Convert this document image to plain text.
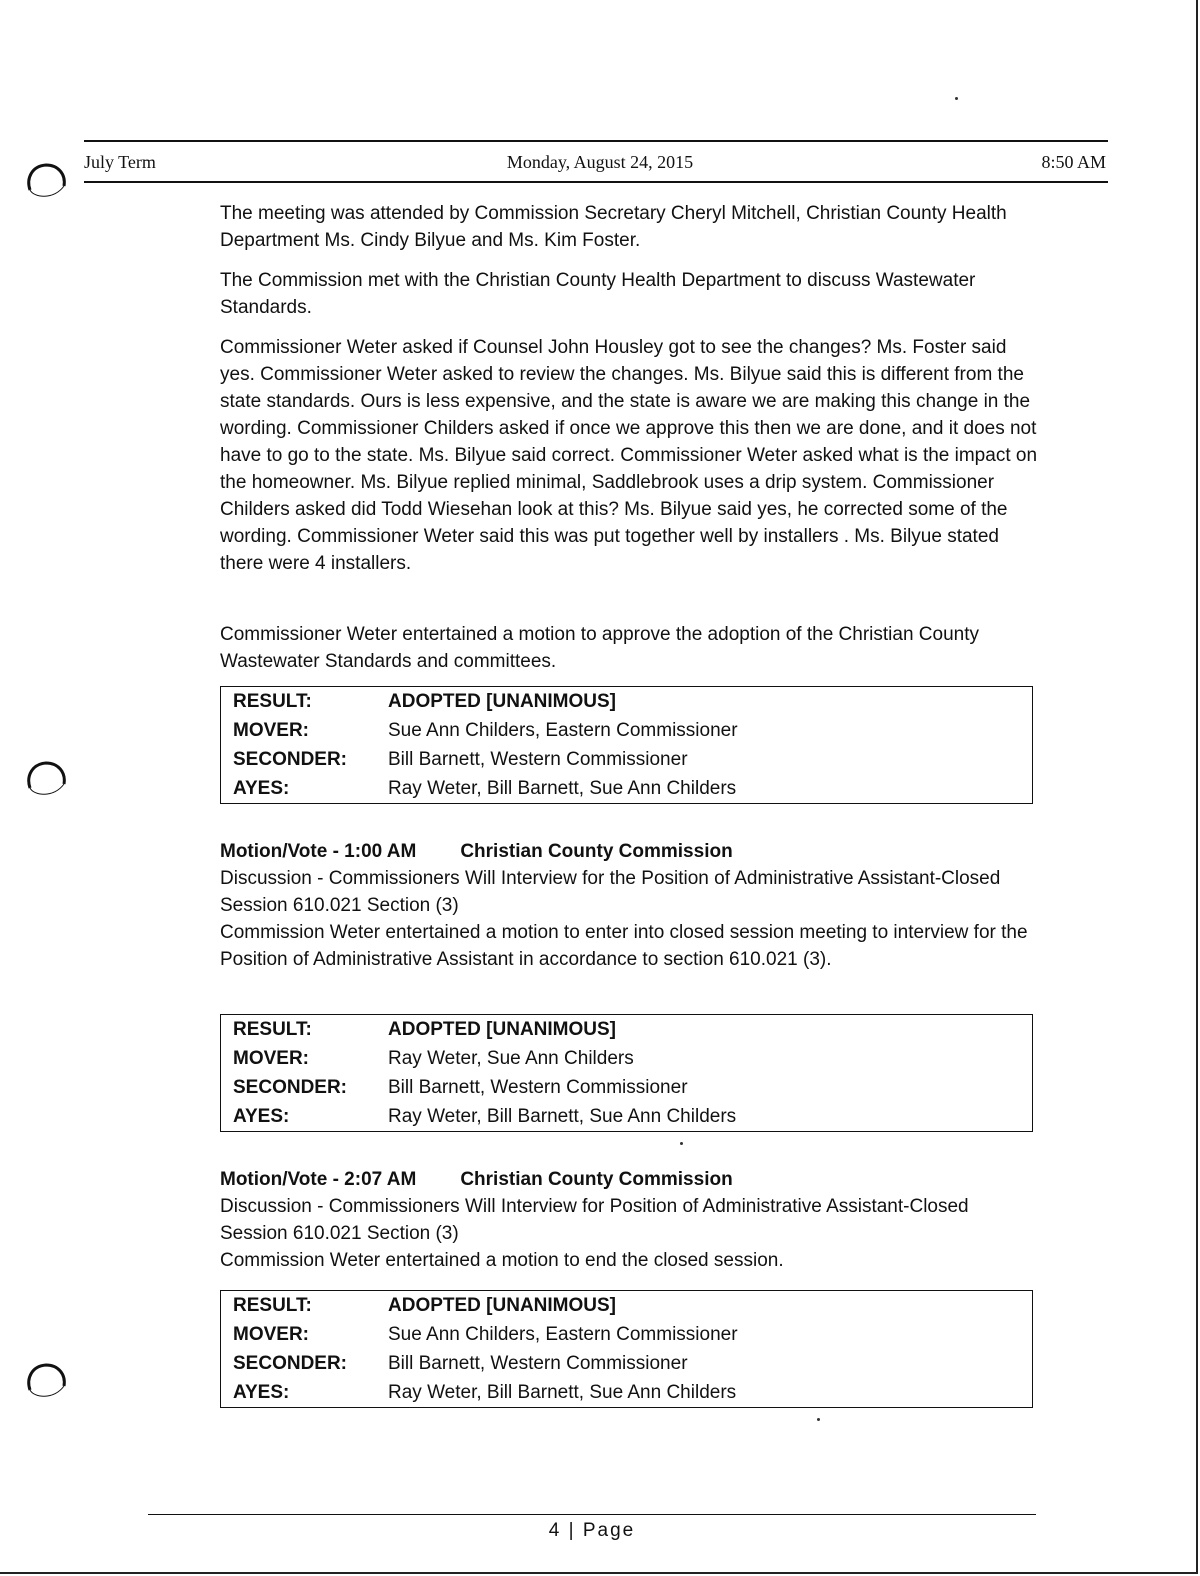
July Term	Monday, August 24, 2015	8:50 AM

The meeting was attended by Commission Secretary Cheryl Mitchell, Christian County Health Department Ms. Cindy Bilyue and Ms. Kim Foster.

The Commission met with the Christian County Health Department to discuss Wastewater Standards.

Commissioner Weter asked if Counsel John Housley got to see the changes? Ms. Foster said yes. Commissioner Weter asked to review the changes. Ms. Bilyue said this is different from the state standards. Ours is less expensive, and the state is aware we are making this change in the wording. Commissioner Childers asked if once we approve this then we are done, and it does not have to go to the state. Ms. Bilyue said correct. Commissioner Weter asked what is the impact on the homeowner. Ms. Bilyue replied minimal, Saddlebrook uses a drip system. Commissioner Childers asked did Todd Wiesehan look at this? Ms. Bilyue said yes, he corrected some of the wording. Commissioner Weter said this was put together well by installers . Ms. Bilyue stated there were 4 installers.

Commissioner Weter entertained a motion to approve the adoption of the Christian County Wastewater Standards and committees.

RESULT:	ADOPTED [UNANIMOUS]
MOVER:	Sue Ann Childers, Eastern Commissioner
SECONDER:	Bill Barnett, Western Commissioner
AYES:	Ray Weter, Bill Barnett, Sue Ann Childers

Motion/Vote - 1:00 AM Christian County Commission

Discussion - Commissioners Will Interview for the Position of Administrative Assistant-Closed Session 610.021 Section (3)

Commission Weter entertained a motion to enter into closed session meeting to interview for the Position of Administrative Assistant in accordance to section 610.021 (3).

RESULT:	ADOPTED [UNANIMOUS]
MOVER:	Ray Weter, Sue Ann Childers
SECONDER:	Bill Barnett, Western Commissioner
AYES:	Ray Weter, Bill Barnett, Sue Ann Childers

Motion/Vote - 2:07 AM Christian County Commission

Discussion - Commissioners Will Interview for Position of Administrative Assistant-Closed Session 610.021 Section (3)

Commission Weter entertained a motion to end the closed session.

RESULT:	ADOPTED [UNANIMOUS]
MOVER:	Sue Ann Childers, Eastern Commissioner
SECONDER:	Bill Barnett, Western Commissioner
AYES:	Ray Weter, Bill Barnett, Sue Ann Childers
4 | Page
